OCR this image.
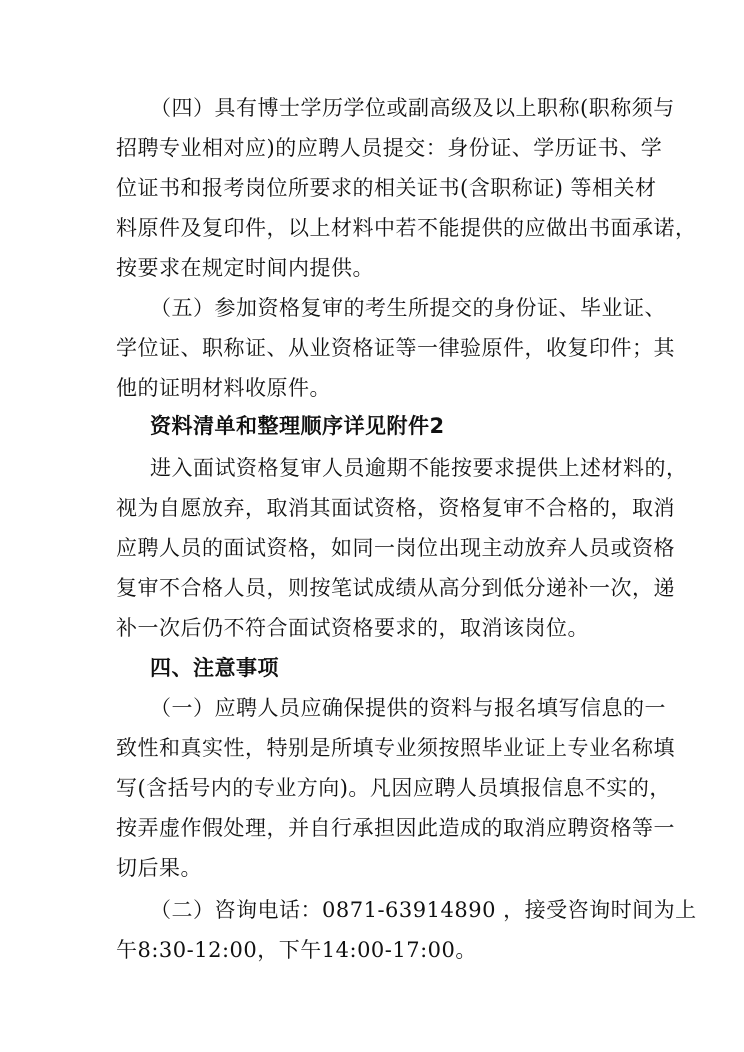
（四）具有博士学历学位或副高级及以上职称(职称须与
招聘专业相对应)的应聘人员提交：身份证、学历证书、学
位证书和报考岗位所要求的相关证书(含职称证) 等相关材
料原件及复印件，以上材料中若不能提供的应做出书面承诺，
按要求在规定时间内提供。
（五）参加资格复审的考生所提交的身份证、毕业证、
学位证、职称证、从业资格证等一律验原件，收复印件；其
他的证明材料收原件。
资料清单和整理顺序详见附件2
进入面试资格复审人员逾期不能按要求提供上述材料的，
视为自愿放弃，取消其面试资格，资格复审不合格的，取消
应聘人员的面试资格，如同一岗位出现主动放弃人员或资格
复审不合格人员，则按笔试成绩从高分到低分递补一次，递
补一次后仍不符合面试资格要求的，取消该岗位。
四、注意事项
（一）应聘人员应确保提供的资料与报名填写信息的一
致性和真实性，特别是所填专业须按照毕业证上专业名称填
写(含括号内的专业方向)。凡因应聘人员填报信息不实的，
按弄虚作假处理，并自行承担因此造成的取消应聘资格等一
切后果。
（二）咨询电话：0871-63914890 ，接受咨询时间为上
午8:30-12:00，下午14:00-17:00。
